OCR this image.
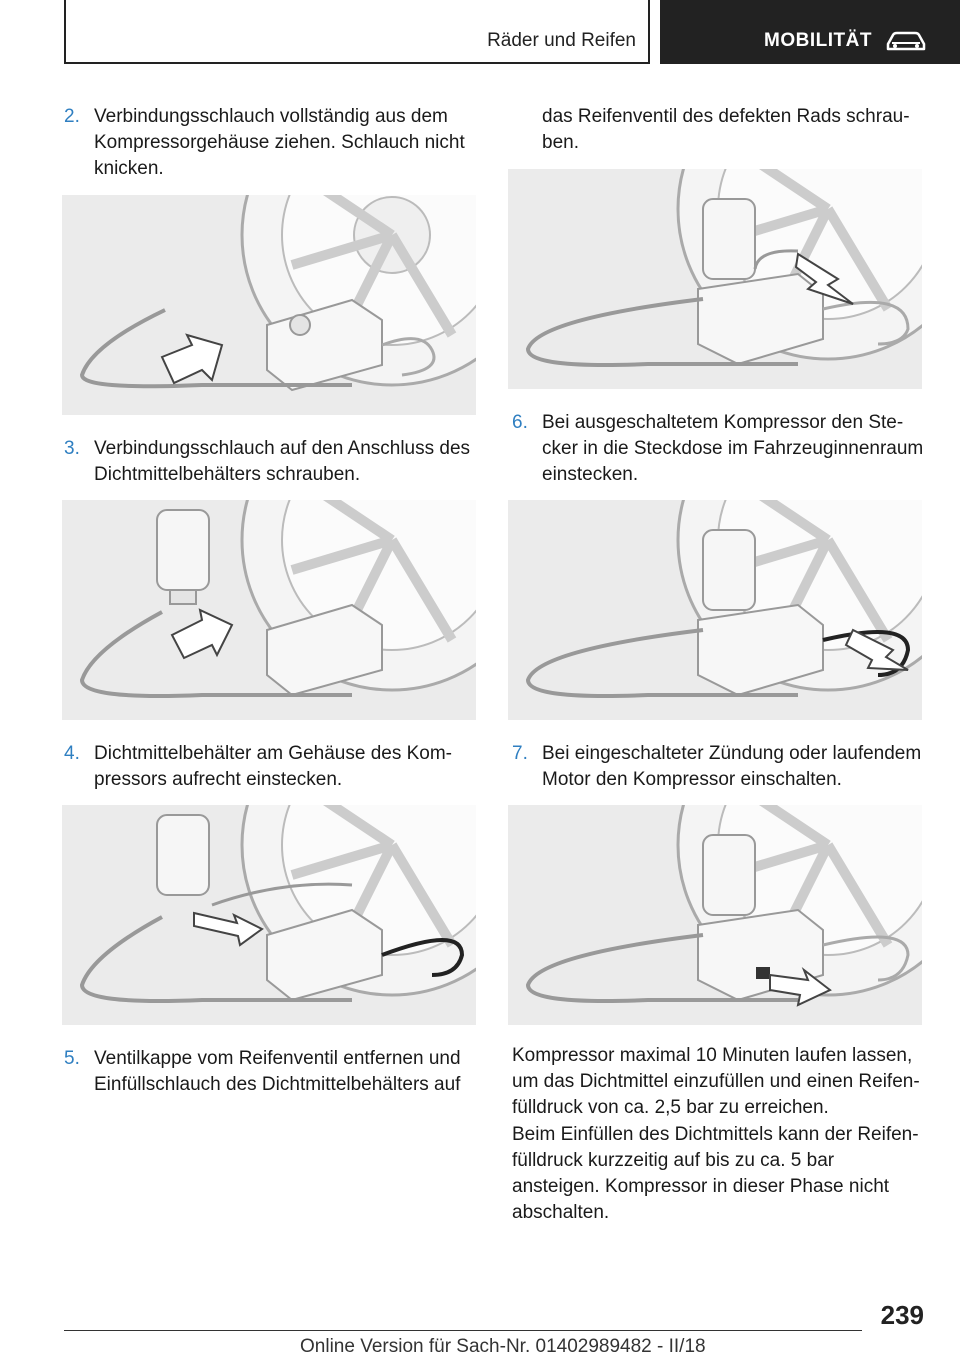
Räder und Reifen	MOBILITÄT
2. Verbindungsschlauch vollständig aus dem Kompressorgehäuse ziehen. Schlauch nicht knicken.
3. Verbindungsschlauch auf den Anschluss des Dichtmittelbehälters schrauben.
4. Dichtmittelbehälter am Gehäuse des Kompressors aufrecht einstecken.
5. Ventilkappe vom Reifenventil entfernen und Einfüllschlauch des Dichtmittelbehälters auf
das Reifenventil des defekten Rads schrauben.
6. Bei ausgeschaltetem Kompressor den Stecker in die Steckdose im Fahrzeuginnenraum einstecken.
7. Bei eingeschalteter Zündung oder laufendem Motor den Kompressor einschalten.
Kompressor maximal 10 Minuten laufen lassen, um das Dichtmittel einzufüllen und einen Reifenfülldruck von ca. 2,5 bar zu erreichen.
Beim Einfüllen des Dichtmittels kann der Reifenfülldruck kurzzeitig auf bis zu ca. 5 bar ansteigen. Kompressor in dieser Phase nicht abschalten.
239
Online Version für Sach-Nr. 01402989482 - II/18
